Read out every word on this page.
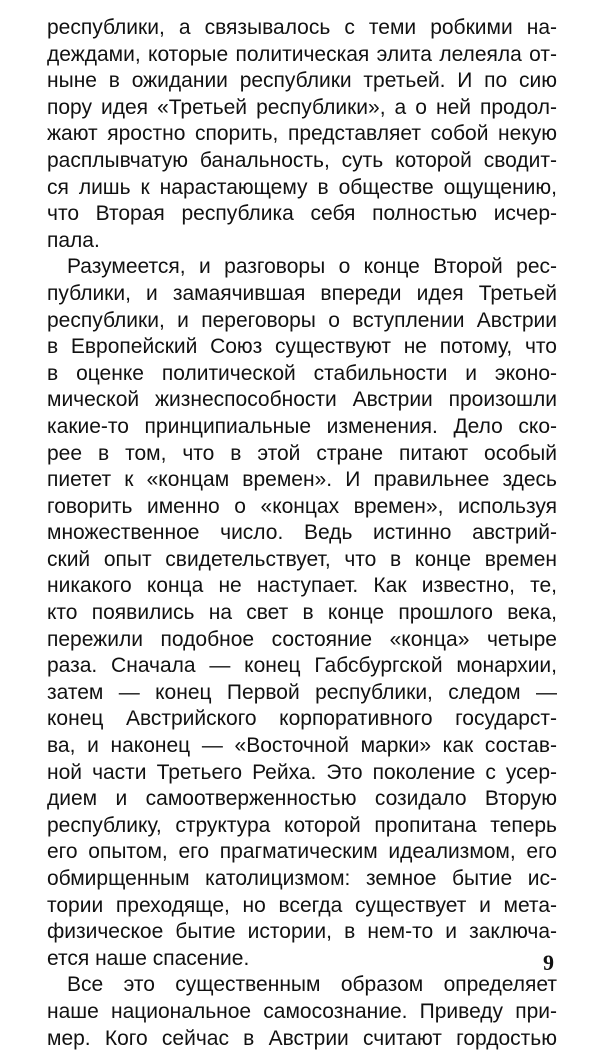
республики, а связывалось с теми робкими на-
деждами, которые политическая элита лелеяла от-
ныне в ожидании республики третьей. И по сию
пору идея «Третьей республики», а о ней продол-
жают яростно спорить, представляет собой некую
расплывчатую банальность, суть которой сводит-
ся лишь к нарастающему в обществе ощущению,
что Вторая республика себя полностью исчер-
пала.
Разумеется, и разговоры о конце Второй рес-
публики, и замаячившая впереди идея Третьей
республики, и переговоры о вступлении Австрии
в Европейский Союз существуют не потому, что
в оценке политической стабильности и эконо-
мической жизнеспособности Австрии произошли
какие-то принципиальные изменения. Дело ско-
рее в том, что в этой стране питают особый
пиетет к «концам времен». И правильнее здесь
говорить именно о «концах времен», используя
множественное число. Ведь истинно австрий-
ский опыт свидетельствует, что в конце времен
никакого конца не наступает. Как известно, те,
кто появились на свет в конце прошлого века,
пережили подобное состояние «конца» четыре
раза. Сначала — конец Габсбургской монархии,
затем — конец Первой республики, следом —
конец Австрийского корпоративного государст-
ва, и наконец — «Восточной марки» как состав-
ной части Третьего Рейха. Это поколение с усер-
дием и самоотверженностью созидало Вторую
республику, структура которой пропитана теперь
его опытом, его прагматическим идеализмом, его
обмирщенным католицизмом: земное бытие ис-
тории преходяще, но всегда существует и мета-
физическое бытие истории, в нем-то и заключа-
ется наше спасение.
Все это существенным образом определяет
наше национальное самосознание. Приведу при-
мер. Кого сейчас в Австрии считают гордостью
9
